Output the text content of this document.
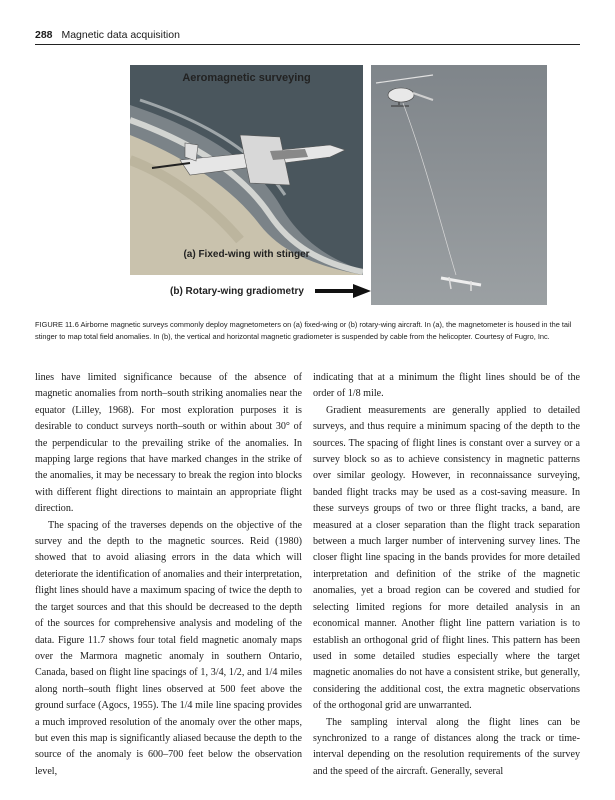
288 Magnetic data acquisition
Aeromagnetic surveying
(a) Fixed-wing with stinger
(b) Rotary-wing gradiometry
FIGURE 11.6 Airborne magnetic surveys commonly deploy magnetometers on (a) fixed-wing or (b) rotary-wing aircraft. In (a), the magnetometer is housed in the tail stinger to map total field anomalies. In (b), the vertical and horizontal magnetic gradiometer is suspended by cable from the helicopter. Courtesy of Fugro, Inc.

lines have limited significance because of the absence of magnetic anomalies from north–south striking anomalies near the equator (Lilley, 1968). For most exploration purposes it is desirable to conduct surveys north–south or within about 30° of the perpendicular to the prevailing strike of the anomalies. In mapping large regions that have marked changes in the strike of the anomalies, it may be necessary to break the region into blocks with different flight directions to maintain an appropriate flight direction.

The spacing of the traverses depends on the objective of the survey and the depth to the magnetic sources. Reid (1980) showed that to avoid aliasing errors in the data which will deteriorate the identification of anomalies and their interpretation, flight lines should have a maximum spacing of twice the depth to the target sources and that this should be decreased to the depth of the sources for comprehensive analysis and modeling of the data. Figure 11.7 shows four total field magnetic anomaly maps over the Marmora magnetic anomaly in southern Ontario, Canada, based on flight line spacings of 1, 3/4, 1/2, and 1/4 miles along north–south flight lines observed at 500 feet above the ground surface (Agocs, 1955). The 1/4 mile line spacing provides a much improved resolution of the anomaly over the other maps, but even this map is significantly aliased because the depth to the source of the anomaly is 600–700 feet below the observation level,

indicating that at a minimum the flight lines should be of the order of 1/8 mile.

Gradient measurements are generally applied to detailed surveys, and thus require a minimum spacing of the depth to the sources. The spacing of flight lines is constant over a survey or a survey block so as to achieve consistency in magnetic patterns over similar geology. However, in reconnaissance surveying, banded flight tracks may be used as a cost-saving measure. In these surveys groups of two or three flight tracks, a band, are measured at a closer separation than the flight track separation between a much larger number of intervening survey lines. The closer flight line spacing in the bands provides for more detailed interpretation and definition of the strike of the magnetic anomalies, yet a broad region can be covered and studied for selecting limited regions for more detailed analysis in an economical manner. Another flight line pattern variation is to establish an orthogonal grid of flight lines. This pattern has been used in some detailed studies especially where the target magnetic anomalies do not have a consistent strike, but generally, considering the additional cost, the extra magnetic observations of the orthogonal grid are unwarranted.

The sampling interval along the flight lines can be synchronized to a range of distances along the track or time-interval depending on the resolution requirements of the survey and the speed of the aircraft. Generally, several
